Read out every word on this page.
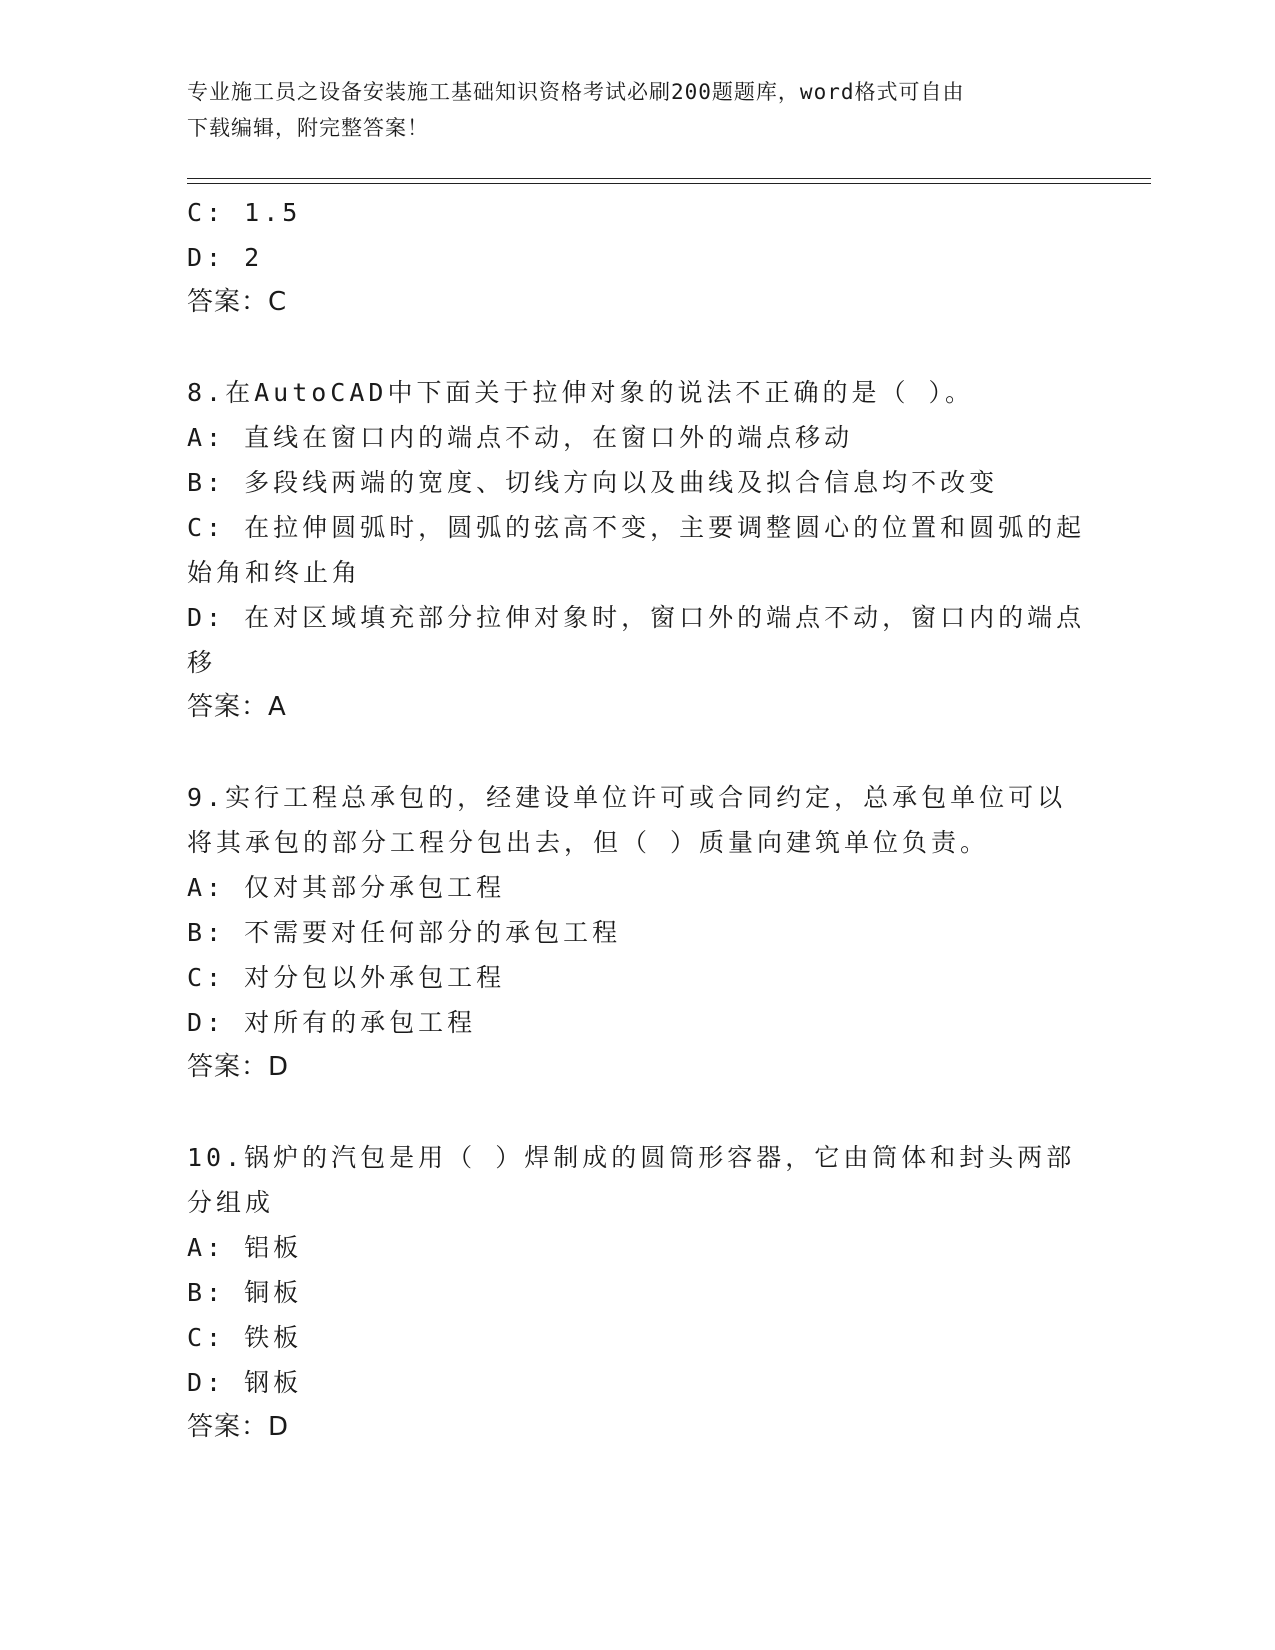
专业施工员之设备安装施工基础知识资格考试必刷200题题库，word格式可自由
下载编辑，附完整答案！
C: 1.5
D: 2
答案：C
8.在AutoCAD中下面关于拉伸对象的说法不正确的是（ ）。
A: 直线在窗口内的端点不动，在窗口外的端点移动
B: 多段线两端的宽度、切线方向以及曲线及拟合信息均不改变
C: 在拉伸圆弧时，圆弧的弦高不变，主要调整圆心的位置和圆弧的起
始角和终止角
D: 在对区域填充部分拉伸对象时，窗口外的端点不动，窗口内的端点
移
答案：A
9.实行工程总承包的，经建设单位许可或合同约定，总承包单位可以
将其承包的部分工程分包出去，但（ ）质量向建筑单位负责。
A: 仅对其部分承包工程
B: 不需要对任何部分的承包工程
C: 对分包以外承包工程
D: 对所有的承包工程
答案：D
10.锅炉的汽包是用（ ）焊制成的圆筒形容器，它由筒体和封头两部
分组成
A: 铝板
B: 铜板
C: 铁板
D: 钢板
答案：D
